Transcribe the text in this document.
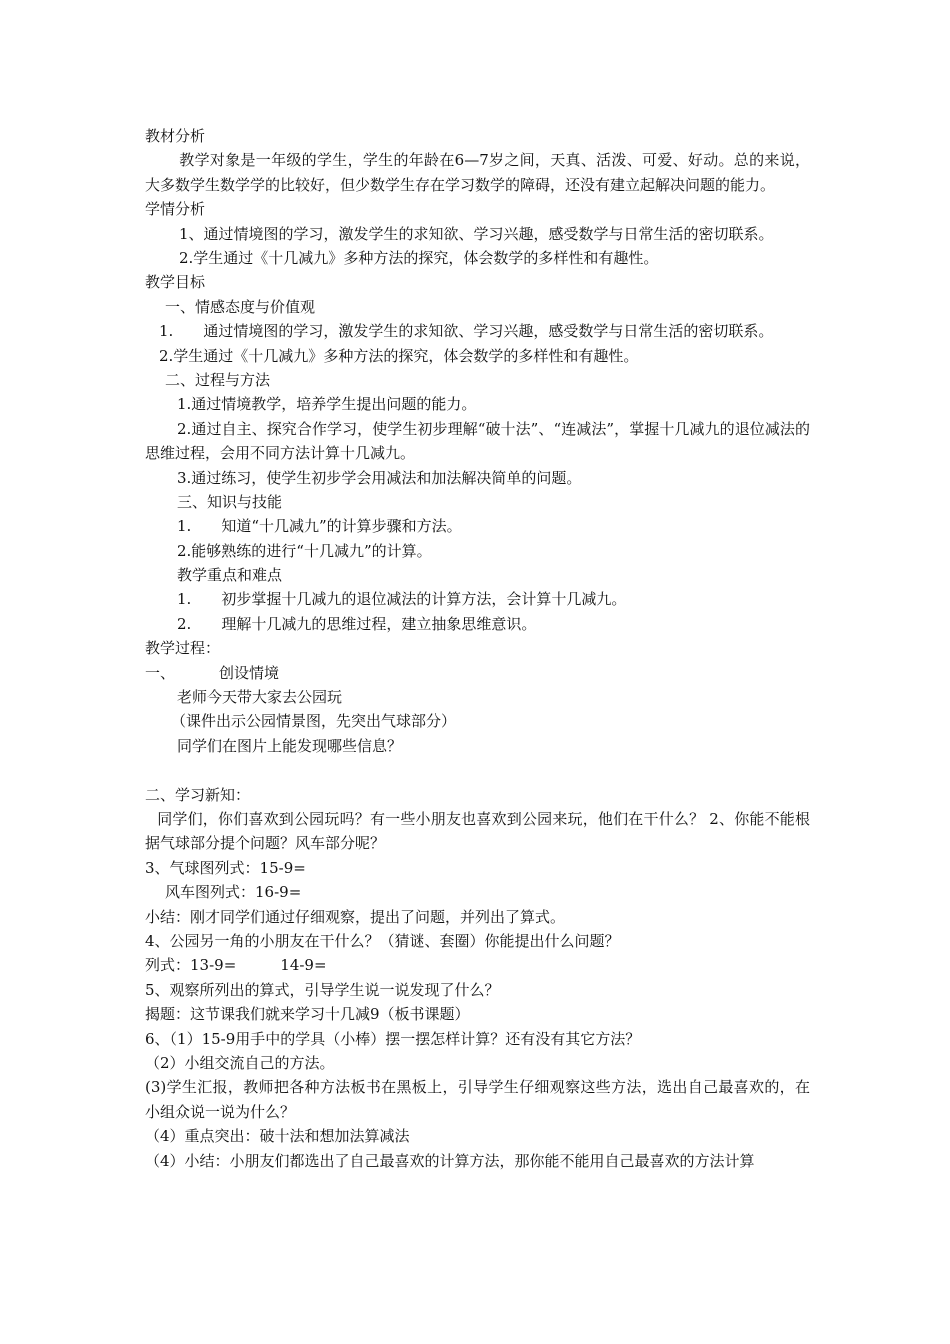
教材分析
教学对象是一年级的学生，学生的年龄在6—7岁之间，天真、活泼、可爱、好动。总的来说，大多数学生数学学的比较好，但少数学生存在学习数学的障碍，还没有建立起解决问题的能力。
学情分析
1、通过情境图的学习，激发学生的求知欲、学习兴趣，感受数学与日常生活的密切联系。
2.学生通过《十几减九》多种方法的探究，体会数学的多样性和有趣性。
教学目标
一、情感态度与价值观
1. 通过情境图的学习，激发学生的求知欲、学习兴趣，感受数学与日常生活的密切联系。
2.学生通过《十几减九》多种方法的探究，体会数学的多样性和有趣性。
二、过程与方法
1.通过情境教学，培养学生提出问题的能力。
2.通过自主、探究合作学习，使学生初步理解“破十法”、“连减法”，掌握十几减九的退位减法的思维过程，会用不同方法计算十几减九。
3.通过练习，使学生初步学会用减法和加法解决简单的问题。
三、知识与技能
1. 知道“十几减九”的计算步骤和方法。
2.能够熟练的进行“十几减九”的计算。
教学重点和难点
1. 初步掌握十几减九的退位减法的计算方法，会计算十几减九。
2. 理解十几减九的思维过程，建立抽象思维意识。
教学过程：
一、	创设情境
老师今天带大家去公园玩
（课件出示公园情景图，先突出气球部分）
同学们在图片上能发现哪些信息？
二、学习新知：
同学们，你们喜欢到公园玩吗？有一些小朋友也喜欢到公园来玩，他们在干什么？ 2、你能不能根据气球部分提个问题？风车部分呢？
3、气球图列式：15-9=
风车图列式：16-9=
小结：刚才同学们通过仔细观察，提出了问题，并列出了算式。
4、公园另一角的小朋友在干什么？（猜谜、套圈）你能提出什么问题？
列式：13-9=	14-9=
5、观察所列出的算式，引导学生说一说发现了什么？
揭题：这节课我们就来学习十几减9（板书课题）
6、（1）15-9用手中的学具（小棒）摆一摆怎样计算？还有没有其它方法？
（2）小组交流自己的方法。
(3)学生汇报，教师把各种方法板书在黑板上，引导学生仔细观察这些方法，选出自己最喜欢的，在小组众说一说为什么？
（4）重点突出：破十法和想加法算减法
（4）小结：小朋友们都选出了自己最喜欢的计算方法，那你能不能用自己最喜欢的方法计算
